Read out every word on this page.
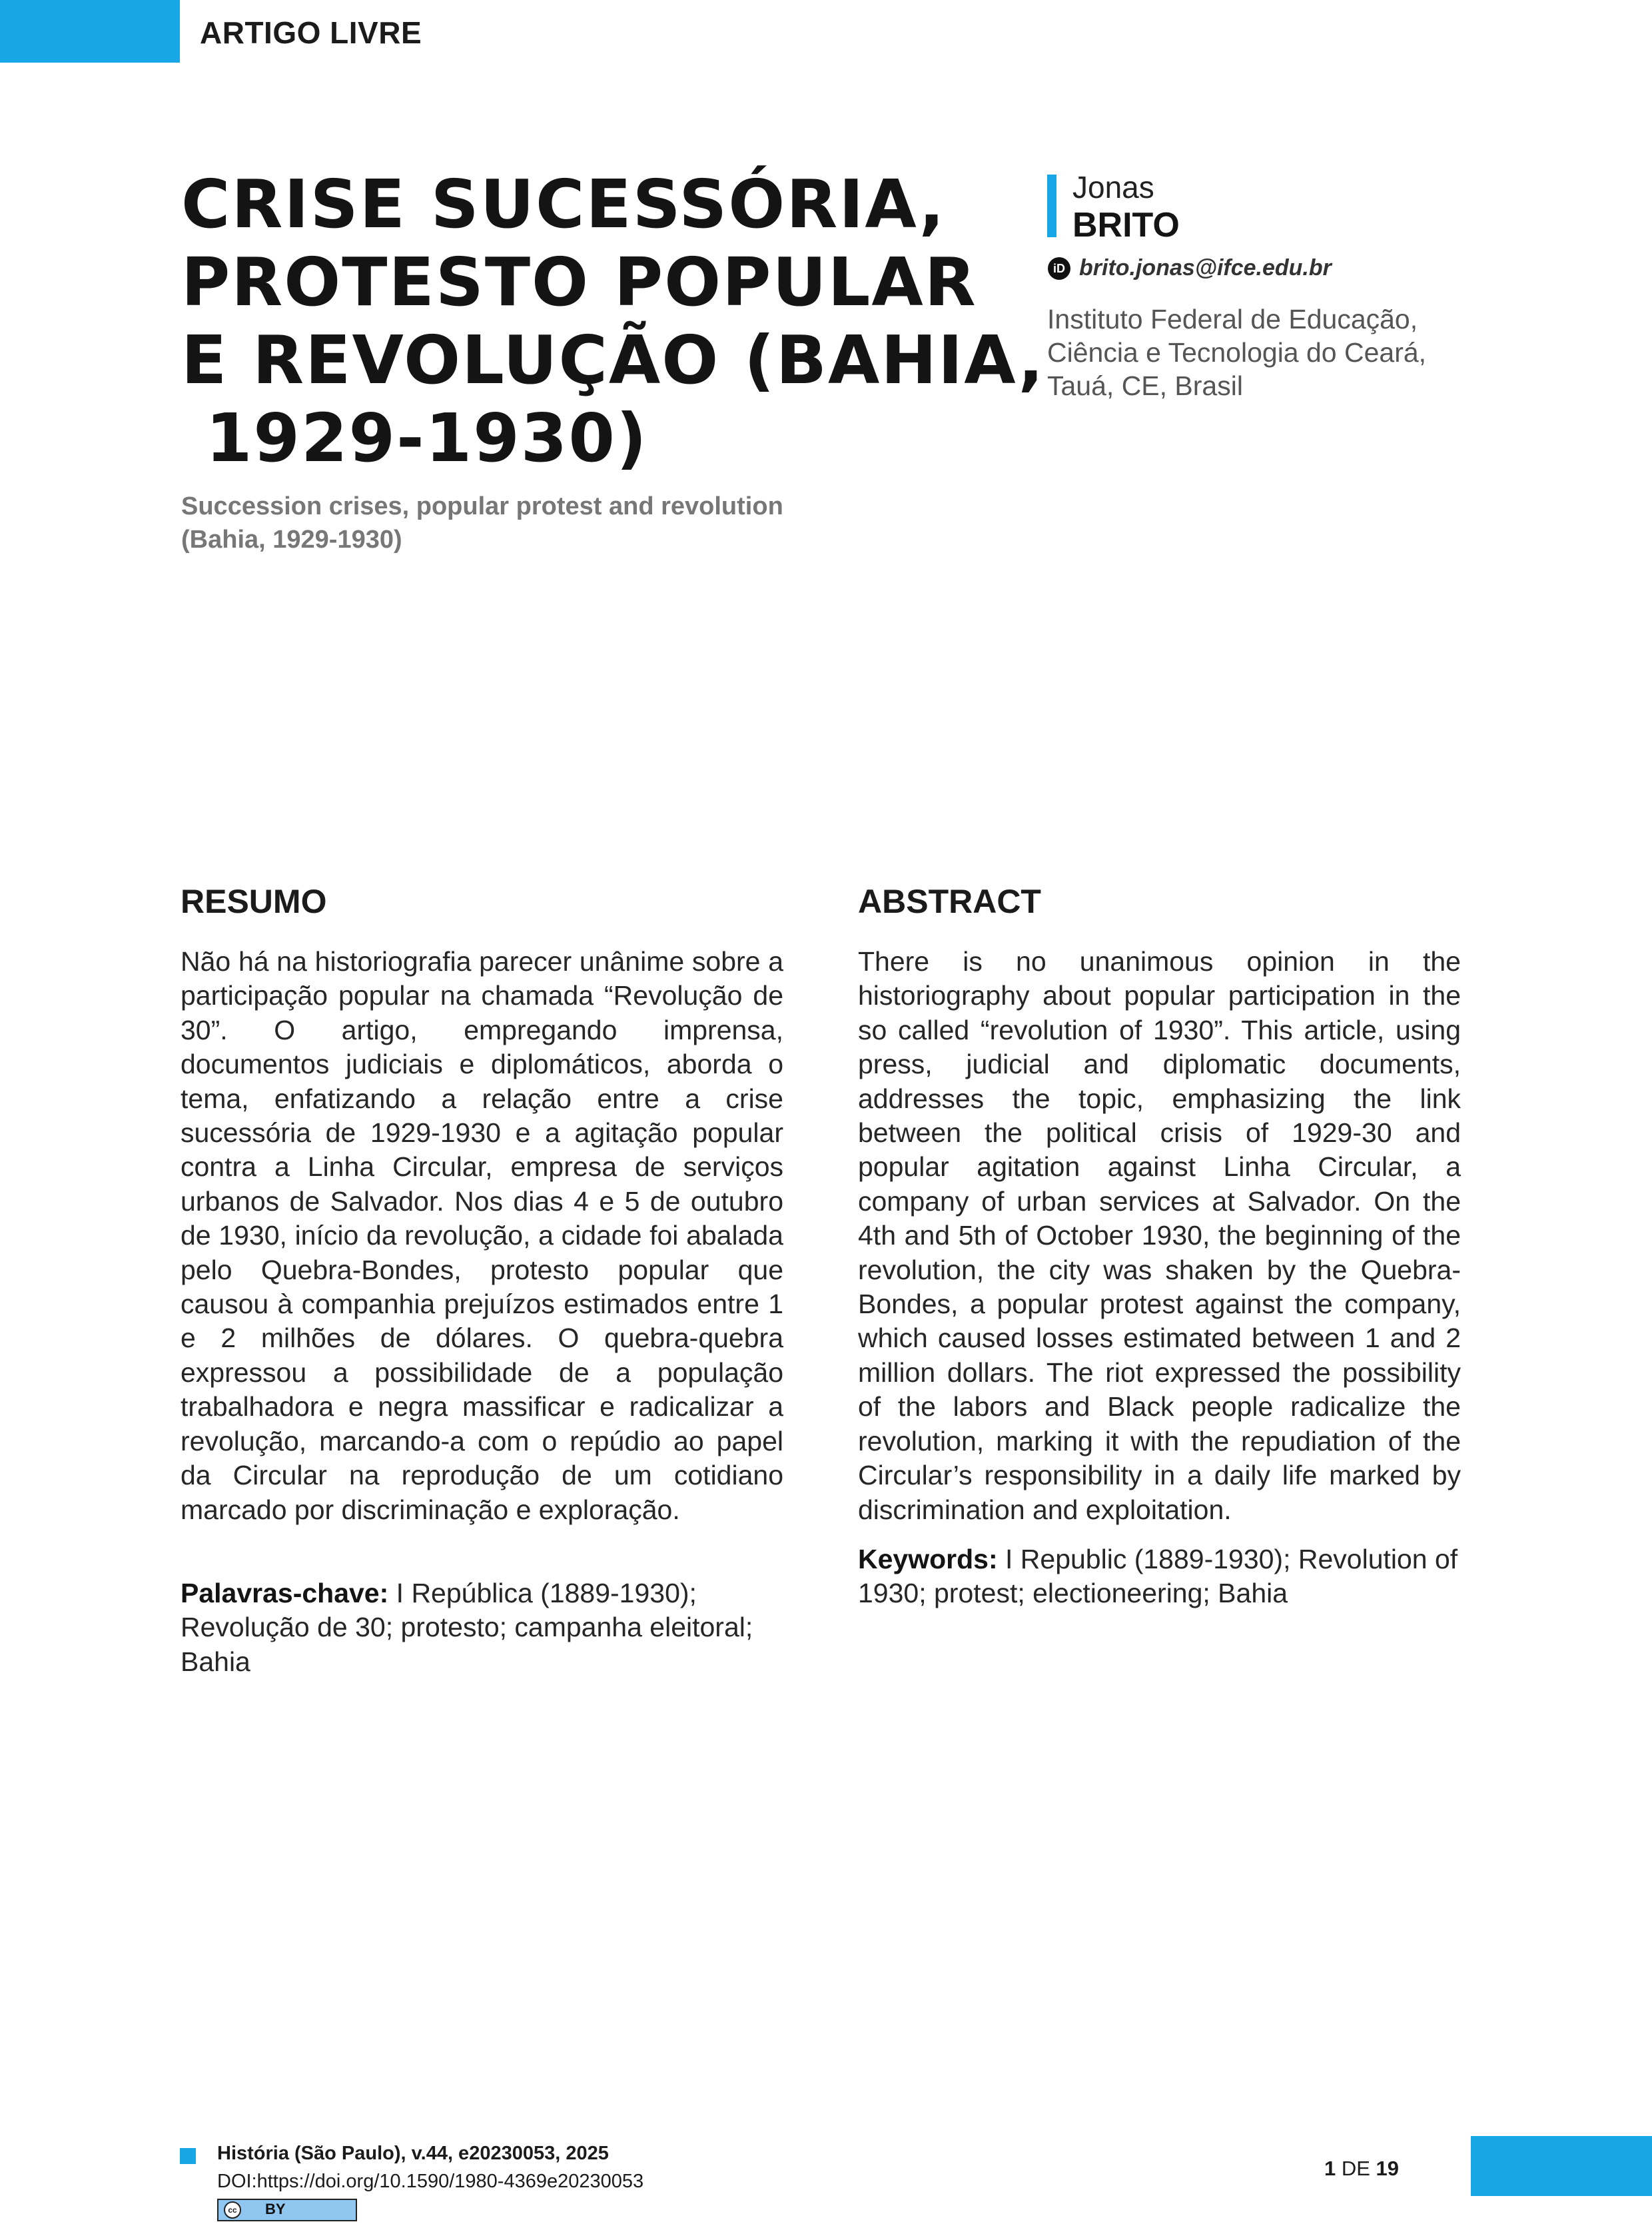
ARTIGO LIVRE
CRISE SUCESSÓRIA,
PROTESTO POPULAR
E REVOLUÇÃO (BAHIA,
1929-1930)
Succession crises, popular protest and revolution
(Bahia, 1929-1930)
Jonas
BRITO
iD brito.jonas@ifce.edu.br
Instituto Federal de Educação,
Ciência e Tecnologia do Ceará,
Tauá, CE, Brasil
RESUMO

Não há na historiografia parecer unânime sobre a participação popular na chamada “Revolução de 30”. O artigo, empregando imprensa, documentos judiciais e diplomáticos, aborda o tema, enfatizando a relação entre a crise sucessória de 1929-1930 e a agitação popular contra a Linha Circular, empresa de serviços urbanos de Salvador. Nos dias 4 e 5 de outubro de 1930, início da revolução, a cidade foi abalada pelo Quebra-Bondes, protesto popular que causou à companhia prejuízos estimados entre 1 e 2 milhões de dólares. O quebra-quebra expressou a possibilidade de a população trabalhadora e negra massificar e radicalizar a revolução, marcando-a com o repúdio ao papel da Circular na reprodução de um cotidiano marcado por discriminação e exploração.

Palavras-chave: I República (1889-1930); Revolução de 30; protesto; campanha eleitoral; Bahia

ABSTRACT

There is no unanimous opinion in the historiography about popular participation in the so called “revolution of 1930”. This article, using press, judicial and diplomatic documents, addresses the topic, emphasizing the link between the political crisis of 1929-30 and popular agitation against Linha Circular, a company of urban services at Salvador. On the 4th and 5th of October 1930, the beginning of the revolution, the city was shaken by the Quebra-Bondes, a popular protest against the company, which caused losses estimated between 1 and 2 million dollars. The riot expressed the possibility of the labors and Black people radicalize the revolution, marking it with the repudiation of the Circular’s responsibility in a daily life marked by discrimination and exploitation.

Keywords: I Republic (1889-1930); Revolution of 1930; protest; electioneering; Bahia

História (São Paulo), v.44, e20230053, 2025
DOI:https://doi.org/10.1590/1980-4369e20230053
cc BY
1 DE 19
